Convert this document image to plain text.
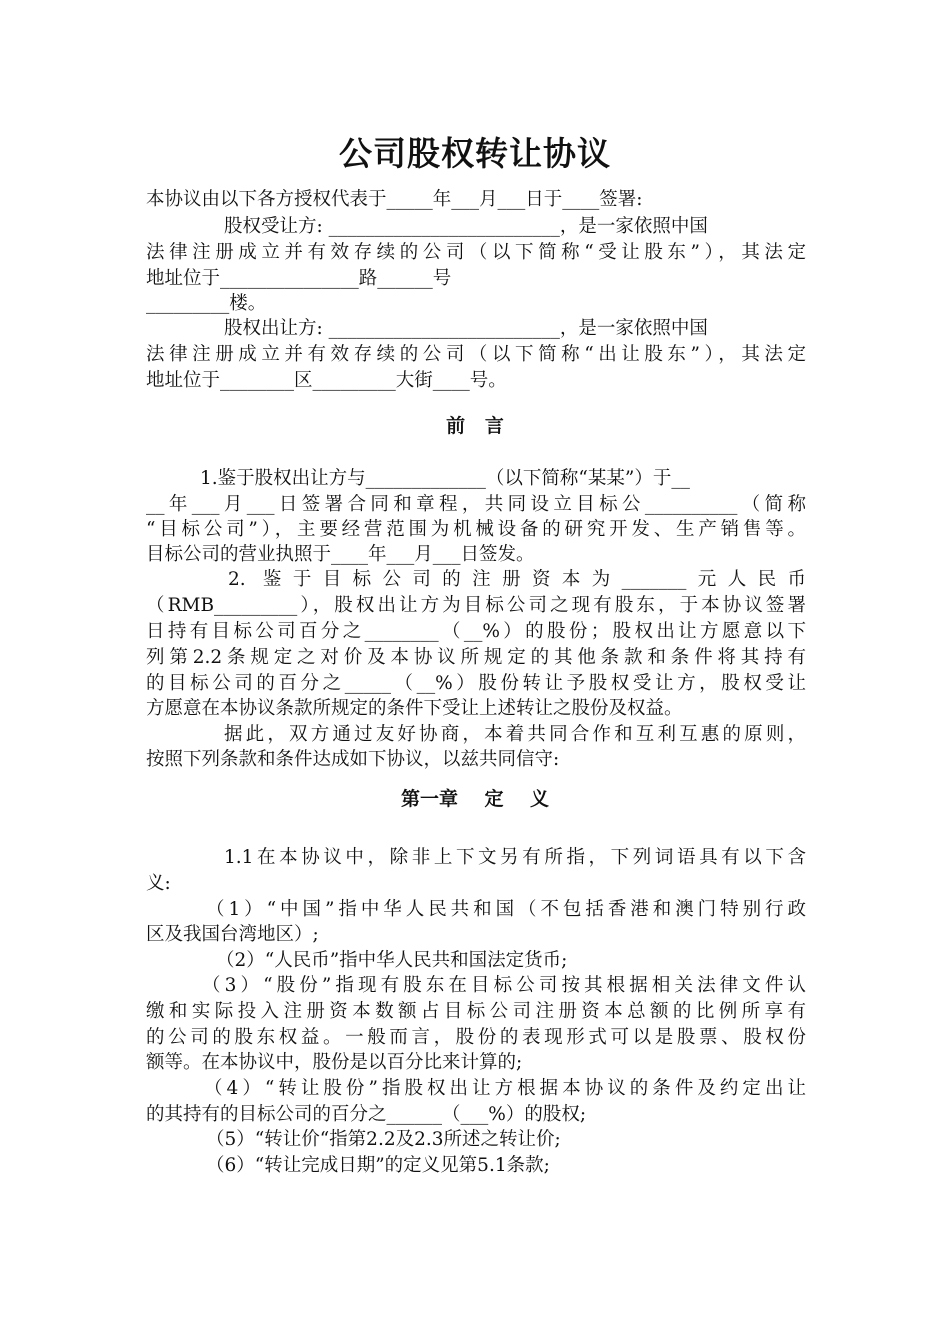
公司股权转让协议
本协议由以下各方授权代表于_____年___月___日于____签署:
股权受让方: _________________________，是一家依照中国
法律注册成立并有效存续的公司（以下简称“受让股东”），其法定
地址位于_______________路______号
_________楼。
股权出让方: _________________________，是一家依照中国
法律注册成立并有效存续的公司（以下简称“出让股东”），其法定
地址位于________区_________大街____号。
1.鉴于股权出让方与_____________（以下简称“某某”）于__
__年___月___日签署合同和章程，共同设立目标公__________（简称
“目标公司”），主要经营范围为机械设备的研究开发、生产销售等。
目标公司的营业执照于____年___月___日签发。
2. 鉴于目标公司的注册资本为_______元人民币
（RMB_________），股权出让方为目标公司之现有股东，于本协议签署
日持有目标公司百分之________（__%）的股份；股权出让方愿意以下
列第2.2条规定之对价及本协议所规定的其他条款和条件将其持有
的目标公司的百分之_____（__%）股份转让予股权受让方，股权受让
方愿意在本协议条款所规定的条件下受让上述转让之股份及权益。
据此，双方通过友好协商，本着共同合作和互利互惠的原则，
按照下列条款和条件达成如下协议，以兹共同信守:
1.1在本协议中，除非上下文另有所指，下列词语具有以下含
义:
（1）“中国”指中华人民共和国（不包括香港和澳门特别行政
区及我国台湾地区）;
（2）“人民币”指中华人民共和国法定货币;
（3）“股份”指现有股东在目标公司按其根据相关法律文件认
缴和实际投入注册资本数额占目标公司注册资本总额的比例所享有
的公司的股东权益。一般而言，股份的表现形式可以是股票、股权份
额等。在本协议中，股份是以百分比来计算的;
（4）“转让股份”指股权出让方根据本协议的条件及约定出让
的其持有的目标公司的百分之______（___%）的股权;
（5）“转让价“指第2.2及2.3所述之转让价;
（6）“转让完成日期”的定义见第5.1条款;
前   言
第一章    定    义
